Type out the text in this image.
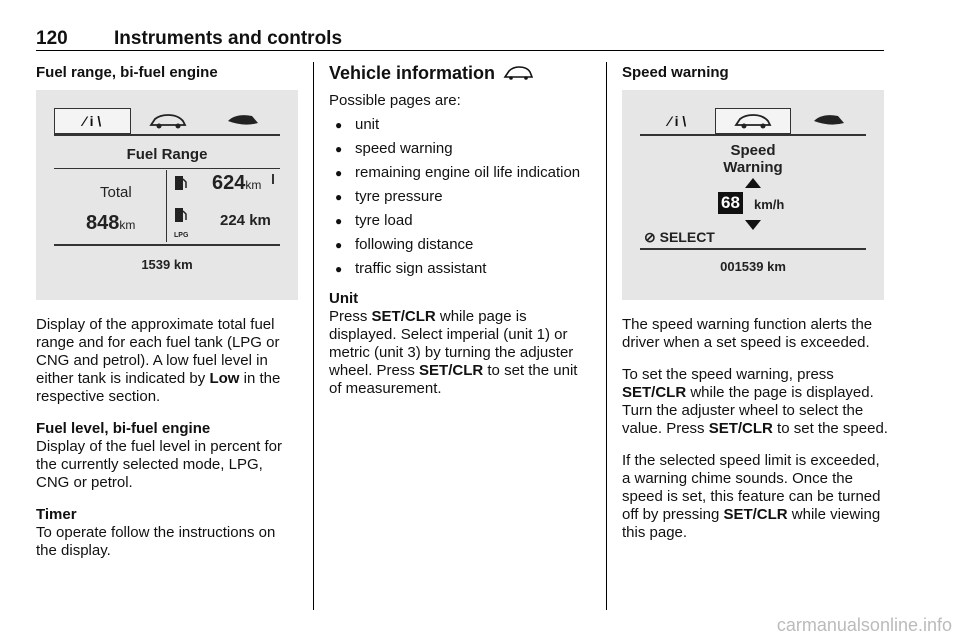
120 Instruments and controls
Fuel range, bi-fuel engine
⁄ i \
Fuel Range
Total
848km
624km
LPG
224 km
1539 km

Display of the approximate total fuel range and for each fuel tank (LPG or CNG and petrol). A low fuel level in either tank is indicated by Low in the respective section.

Fuel level, bi-fuel engine

Display of the fuel level in percent for the currently selected mode, LPG, CNG or petrol.

Timer

To operate follow the instructions on the display.

Vehicle information

Possible pages are:

● unit
● speed warning
● remaining engine oil life indication
● tyre pressure
● tyre load
● following distance
● traffic sign assistant
Unit

Press SET/CLR while page is displayed. Select imperial (unit 1) or metric (unit 3) by turning the adjuster wheel. Press SET/CLR to set the unit of measurement.

Speed warning
⁄ i \
Speed
Warning
68 km/h
⊘ SELECT
001539 km

The speed warning function alerts the driver when a set speed is exceeded.

To set the speed warning, press SET/CLR while the page is displayed. Turn the adjuster wheel to select the value. Press SET/CLR to set the speed.

If the selected speed limit is exceeded, a warning chime sounds. Once the speed is set, this feature can be turned off by pressing SET/CLR while viewing this page.

carmanualsonline.info
